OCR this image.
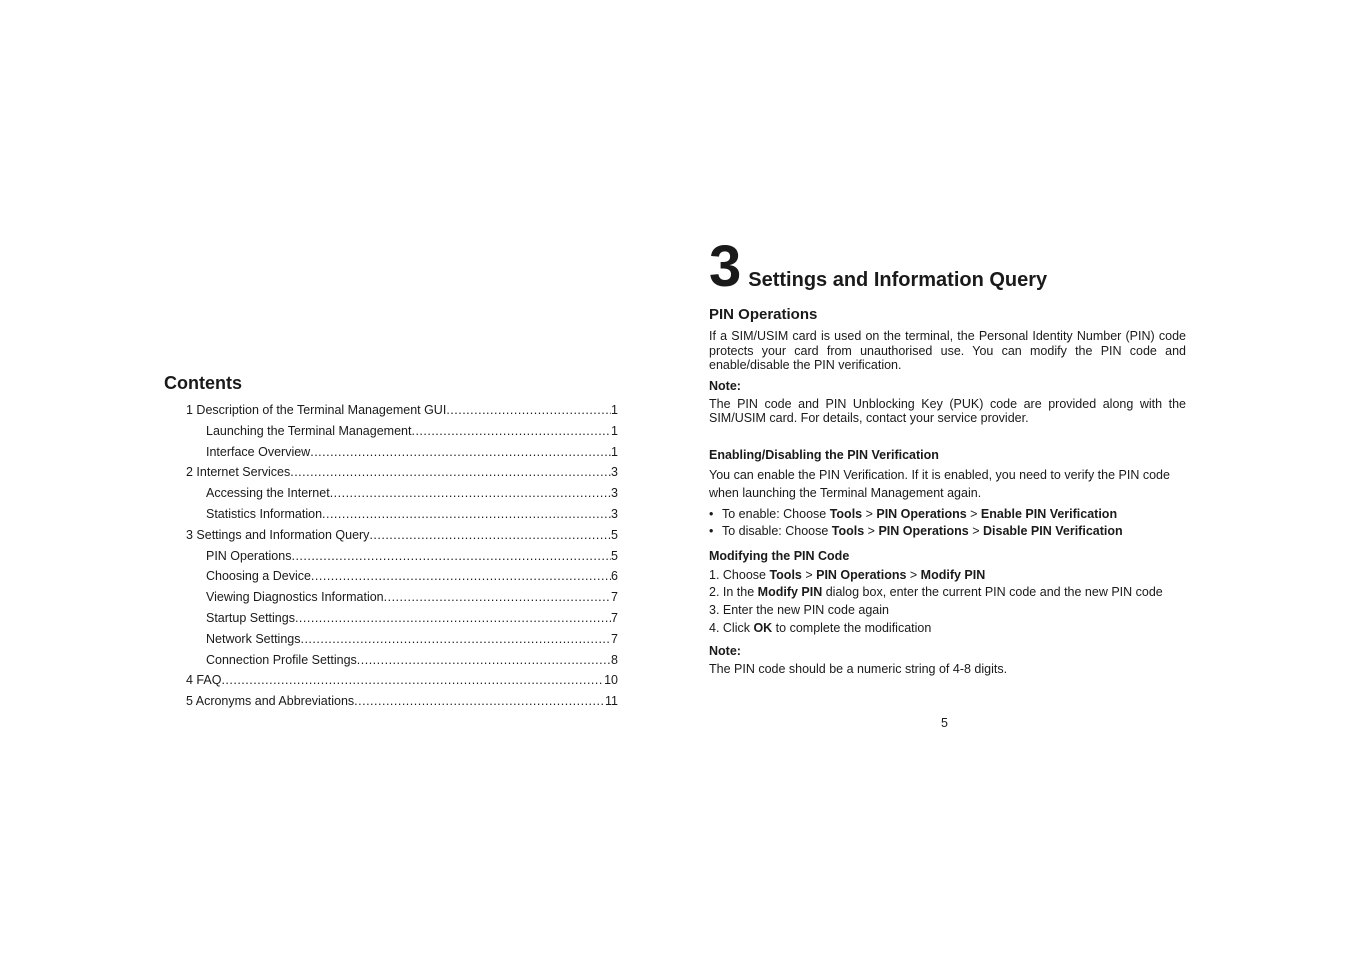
Contents
1 Description of the Terminal Management GUI .....	1
Launching the Terminal Management .....	1
Interface Overview .....	1
2 Internet Services .....	3
Accessing the Internet .....	3
Statistics Information .....	3
3 Settings and Information Query .....	5
PIN Operations .....	5
Choosing a Device .....	6
Viewing Diagnostics Information .....	7
Startup Settings .....	7
Network Settings .....	7
Connection Profile Settings .....	8
4 FAQ .....	10
5 Acronyms and Abbreviations .....	11
3 Settings and Information Query
PIN Operations

If a SIM/USIM card is used on the terminal, the Personal Identity Number (PIN) code protects your card from unauthorised use. You can modify the PIN code and enable/disable the PIN verification.

Note:

The PIN code and PIN Unblocking Key (PUK) code are provided along with the SIM/USIM card. For details, contact your service provider.

Enabling/Disabling the PIN Verification

You can enable the PIN Verification. If it is enabled, you need to verify the PIN code when launching the Terminal Management again.

• To enable: Choose Tools > PIN Operations > Enable PIN Verification
• To disable: Choose Tools > PIN Operations > Disable PIN Verification
Modifying the PIN Code
1. Choose Tools > PIN Operations > Modify PIN
2. In the Modify PIN dialog box, enter the current PIN code and the new PIN code
3. Enter the new PIN code again
4. Click OK to complete the modification
Note:

The PIN code should be a numeric string of 4-8 digits.

5
